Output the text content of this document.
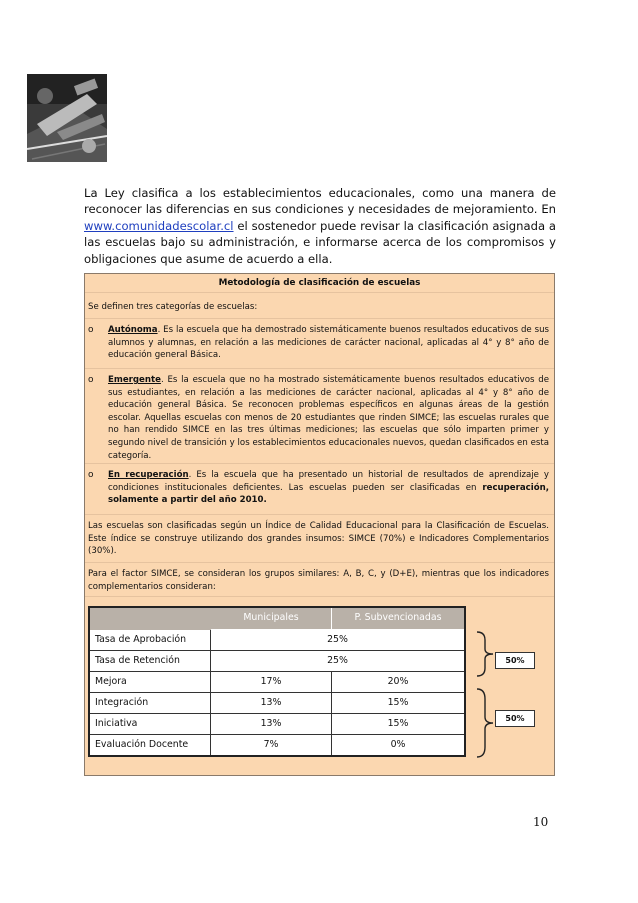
La Ley clasifica a los establecimientos educacionales, como una manera de reconocer las diferencias en sus condiciones y necesidades de mejoramiento. En www.comunidadescolar.cl el sostenedor puede revisar la clasificación asignada a las escuelas bajo su administración, e informarse acerca de los compromisos y obligaciones que asume de acuerdo a ella.
Metodología de clasificación de escuelas
Se definen tres categorías de escuelas:
o Autónoma. Es la escuela que ha demostrado sistemáticamente buenos resultados educativos de sus alumnos y alumnas, en relación a las mediciones de carácter nacional, aplicadas al 4° y 8° año de educación general Básica.
o Emergente. Es la escuela que no ha mostrado sistemáticamente buenos resultados educativos de sus estudiantes, en relación a las mediciones de carácter nacional, aplicadas al 4° y 8° año de educación general Básica. Se reconocen problemas específicos en algunas áreas de la gestión escolar. Aquellas escuelas con menos de 20 estudiantes que rinden SIMCE; las escuelas rurales que no han rendido SIMCE en las tres últimas mediciones; las escuelas que sólo imparten primer y segundo nivel de transición y los establecimientos educacionales nuevos, quedan clasificados en esta categoría.
o En recuperación. Es la escuela que ha presentado un historial de resultados de aprendizaje y condiciones institucionales deficientes. Las escuelas pueden ser clasificadas en recuperación, solamente a partir del año 2010.
Las escuelas son clasificadas según un Índice de Calidad Educacional para la Clasificación de Escuelas. Este índice se construye utilizando dos grandes insumos: SIMCE (70%) e Indicadores Complementarios (30%).
Para el factor SIMCE, se consideran los grupos similares: A, B, C, y (D+E), mientras que los indicadores complementarios consideran:
	Municipales	P. Subvencionadas
Tasa de Aprobación	25%	
Tasa de Retención	25%	
Mejora	17%	20%
Integración	13%	15%
Iniciativa	13%	15%
Evaluación Docente	7%	0%
50%
50%
10
